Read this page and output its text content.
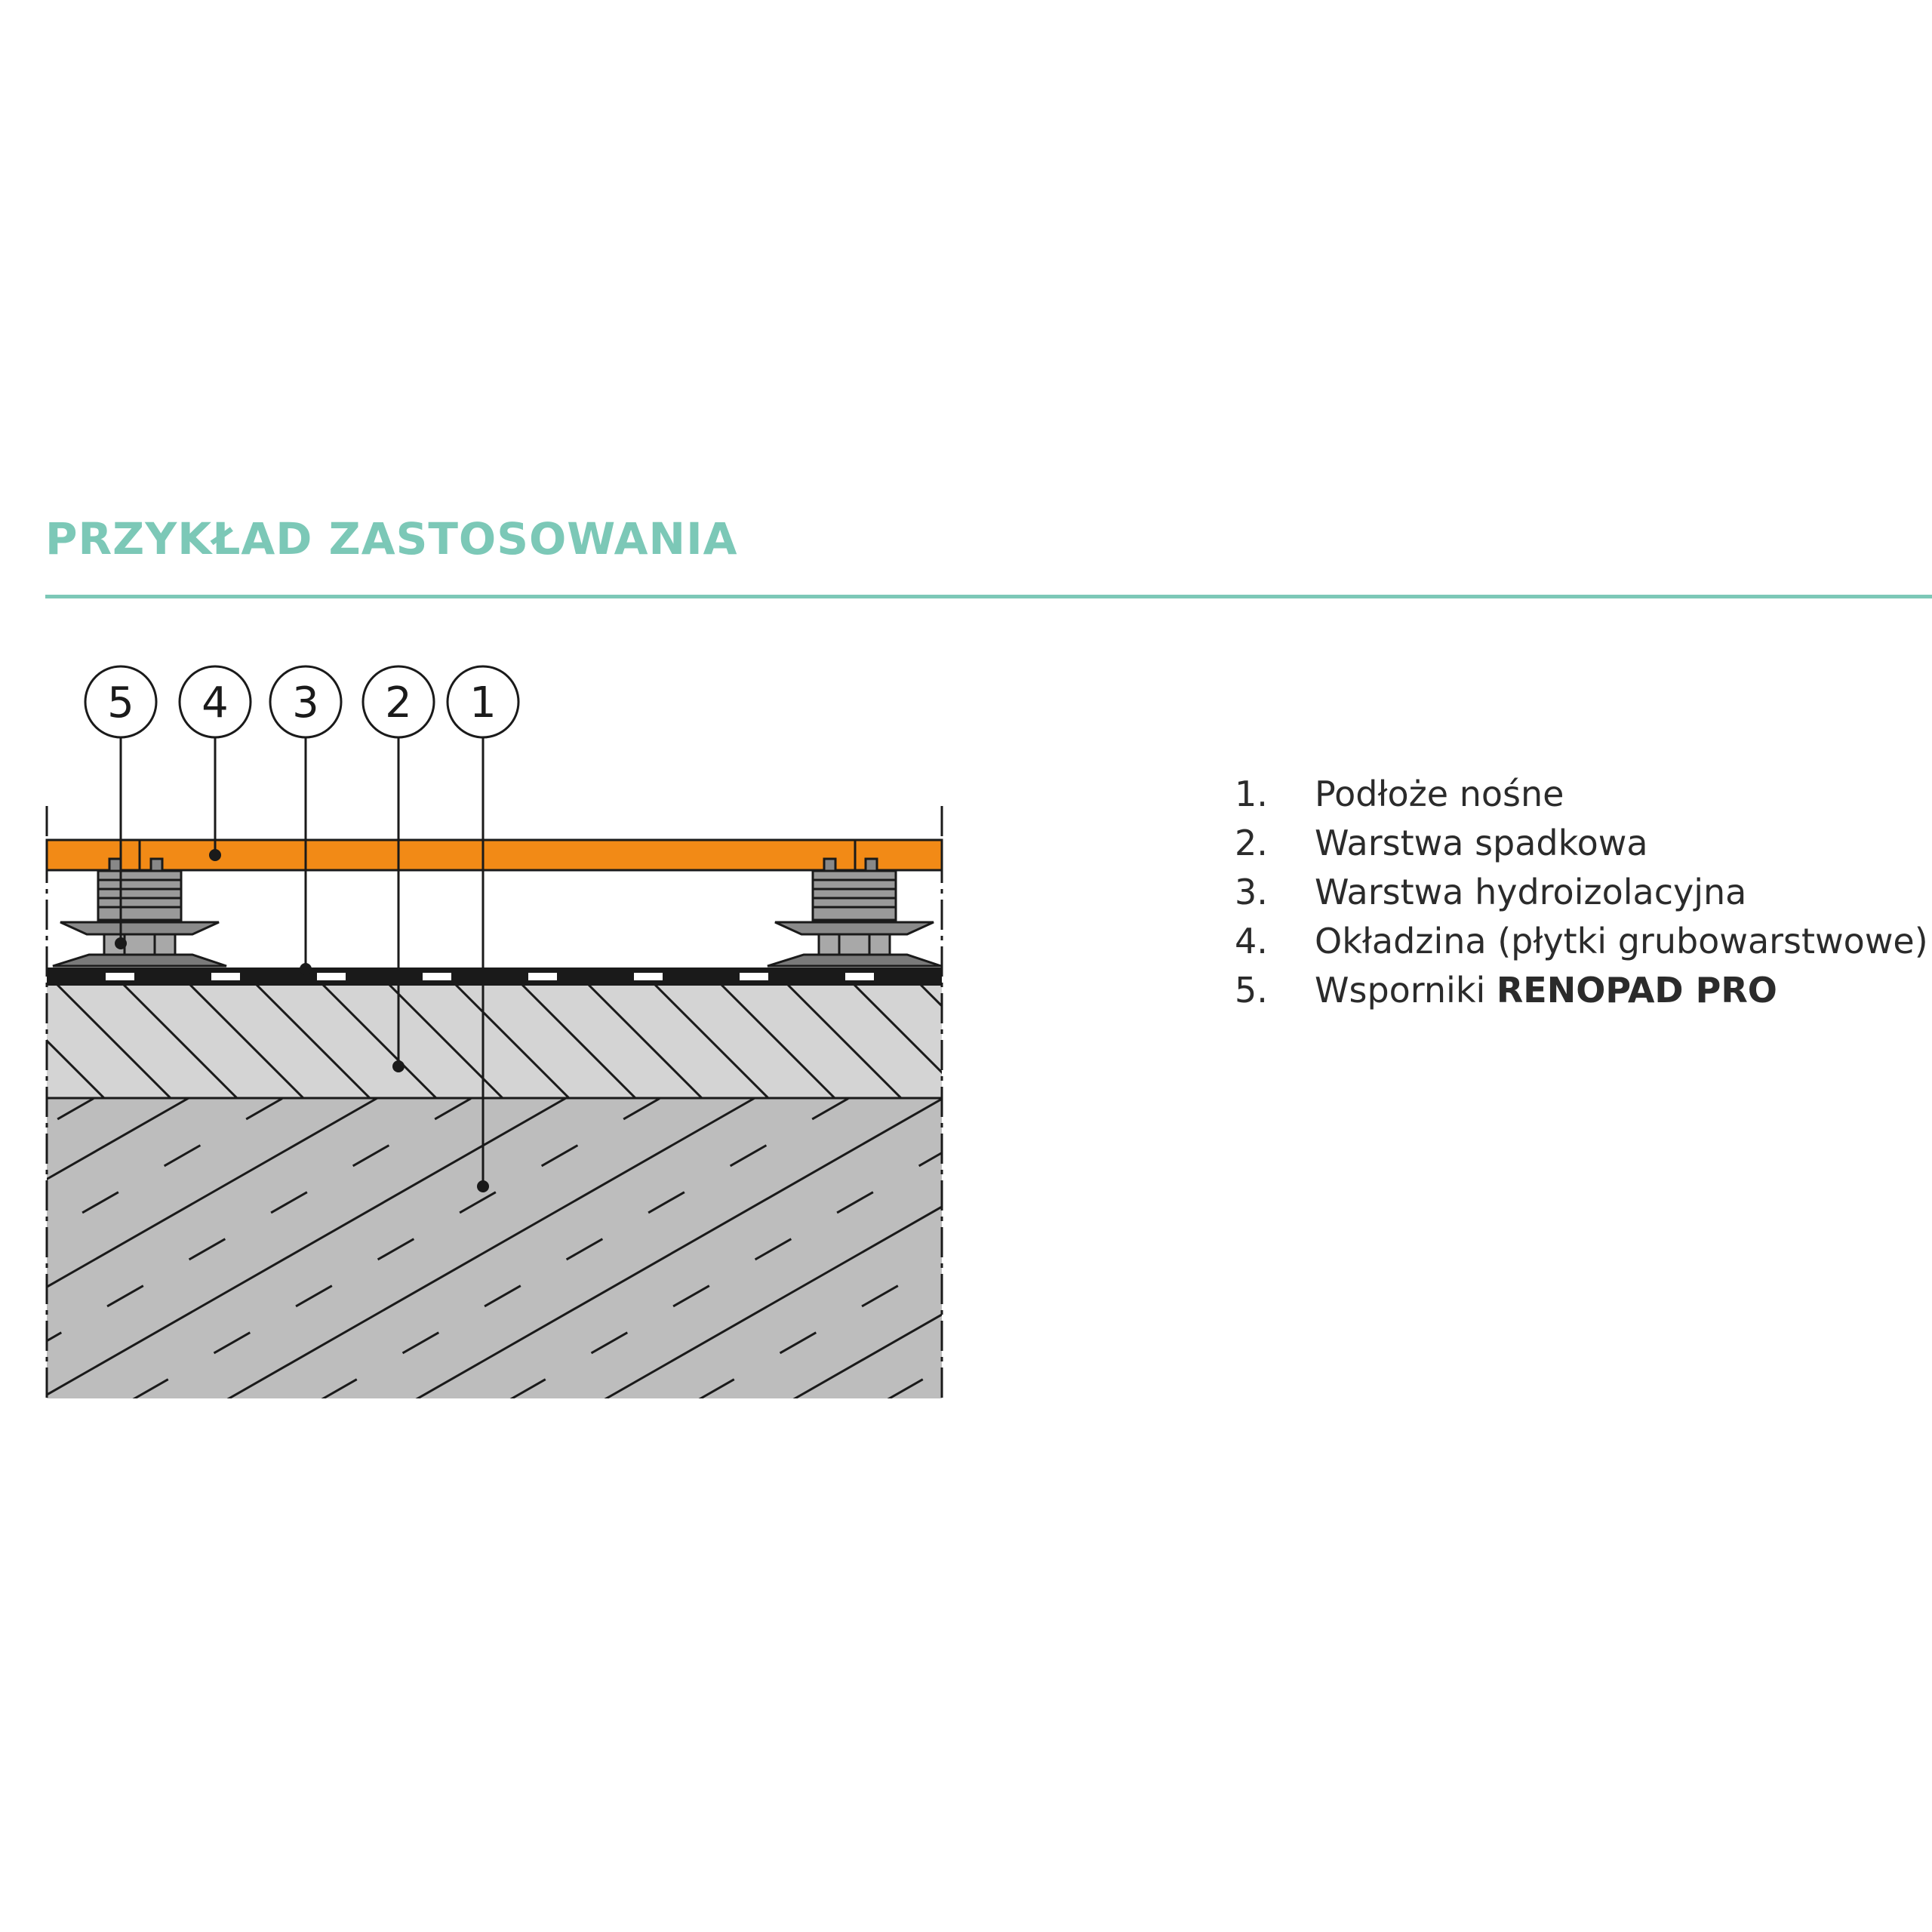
PRZYKŁAD ZASTOSOWANIA
5 4 3 2 1
1.	Podłoże nośne
2.	Warstwa spadkowa
3.	Warstwa hydroizolacyjna
4.	Okładzina (płytki grubowarstwowe)
5.	Wsporniki RENOPAD PRO
